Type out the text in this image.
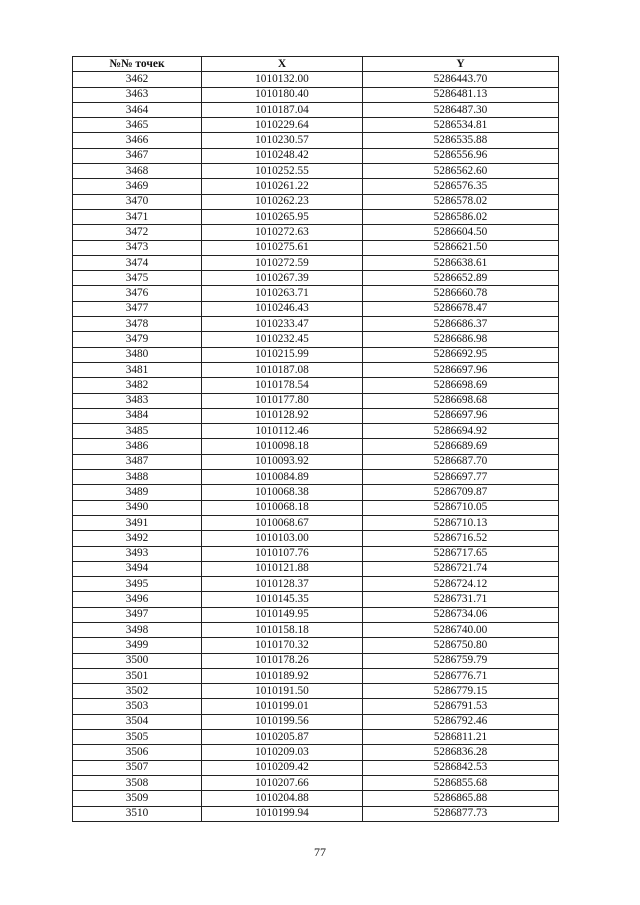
№№ точек	X	Y
3462	1010132.00	5286443.70
3463	1010180.40	5286481.13
3464	1010187.04	5286487.30
3465	1010229.64	5286534.81
3466	1010230.57	5286535.88
3467	1010248.42	5286556.96
3468	1010252.55	5286562.60
3469	1010261.22	5286576.35
3470	1010262.23	5286578.02
3471	1010265.95	5286586.02
3472	1010272.63	5286604.50
3473	1010275.61	5286621.50
3474	1010272.59	5286638.61
3475	1010267.39	5286652.89
3476	1010263.71	5286660.78
3477	1010246.43	5286678.47
3478	1010233.47	5286686.37
3479	1010232.45	5286686.98
3480	1010215.99	5286692.95
3481	1010187.08	5286697.96
3482	1010178.54	5286698.69
3483	1010177.80	5286698.68
3484	1010128.92	5286697.96
3485	1010112.46	5286694.92
3486	1010098.18	5286689.69
3487	1010093.92	5286687.70
3488	1010084.89	5286697.77
3489	1010068.38	5286709.87
3490	1010068.18	5286710.05
3491	1010068.67	5286710.13
3492	1010103.00	5286716.52
3493	1010107.76	5286717.65
3494	1010121.88	5286721.74
3495	1010128.37	5286724.12
3496	1010145.35	5286731.71
3497	1010149.95	5286734.06
3498	1010158.18	5286740.00
3499	1010170.32	5286750.80
3500	1010178.26	5286759.79
3501	1010189.92	5286776.71
3502	1010191.50	5286779.15
3503	1010199.01	5286791.53
3504	1010199.56	5286792.46
3505	1010205.87	5286811.21
3506	1010209.03	5286836.28
3507	1010209.42	5286842.53
3508	1010207.66	5286855.68
3509	1010204.88	5286865.88
3510	1010199.94	5286877.73
77
